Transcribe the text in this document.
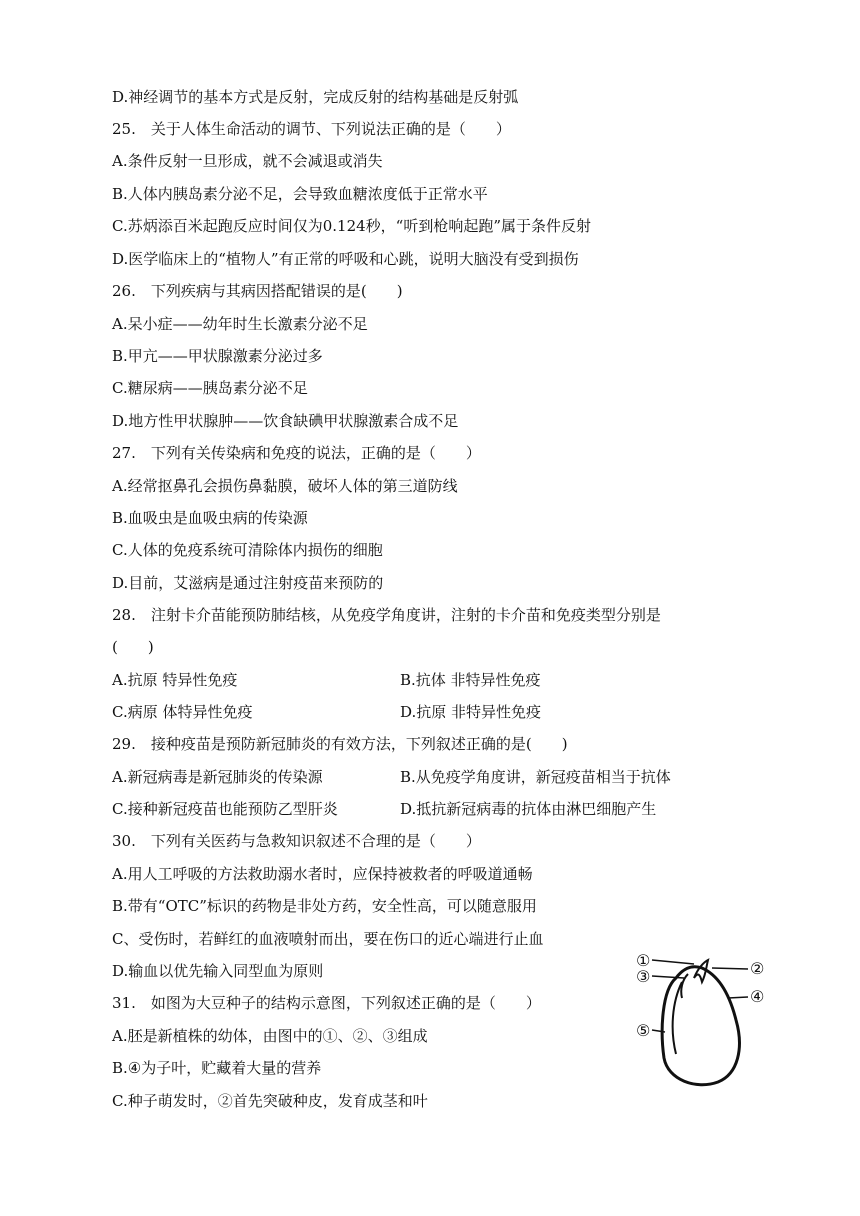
D.神经调节的基本方式是反射，完成反射的结构基础是反射弧
25.　关于人体生命活动的调节、下列说法正确的是（　　）
A.条件反射一旦形成，就不会减退或消失
B.人体内胰岛素分泌不足，会导致血糖浓度低于正常水平
C.苏炳添百米起跑反应时间仅为0.124秒，“听到枪响起跑”属于条件反射
D.医学临床上的“植物人”有正常的呼吸和心跳，说明大脑没有受到损伤
26.　下列疾病与其病因搭配错误的是(　　)
A.呆小症——幼年时生长激素分泌不足
B.甲亢——甲状腺激素分泌过多
C.糖尿病——胰岛素分泌不足
D.地方性甲状腺肿——饮食缺碘甲状腺激素合成不足
27.　下列有关传染病和免疫的说法，正确的是（　　）
A.经常抠鼻孔会损伤鼻黏膜，破坏人体的第三道防线
B.血吸虫是血吸虫病的传染源
C.人体的免疫系统可清除体内损伤的细胞
D.目前，艾滋病是通过注射疫苗来预防的
28.　注射卡介苗能预防肺结核，从免疫学角度讲，注射的卡介苗和免疫类型分别是
(　　)
A.抗原 特异性免疫	B.抗体 非特异性免疫
C.病原 体特异性免疫	D.抗原 非特异性免疫
29.　接种疫苗是预防新冠肺炎的有效方法，下列叙述正确的是(　　)
A.新冠病毒是新冠肺炎的传染源	B.从免疫学角度讲，新冠疫苗相当于抗体
C.接种新冠疫苗也能预防乙型肝炎	D.抵抗新冠病毒的抗体由淋巴细胞产生
30.　下列有关医药与急救知识叙述不合理的是（　　）
A.用人工呼吸的方法救助溺水者时，应保持被救者的呼吸道通畅
B.带有“OTC”标识的药物是非处方药，安全性高，可以随意服用
C、受伤时，若鲜红的血液喷射而出，要在伤口的近心端进行止血
D.输血以优先输入同型血为原则
31.　如图为大豆种子的结构示意图，下列叙述正确的是（　　）
A.胚是新植株的幼体，由图中的①、②、③组成
B.④为子叶，贮藏着大量的营养
C.种子萌发时，②首先突破种皮，发育成茎和叶
①	②
③
④
⑤
